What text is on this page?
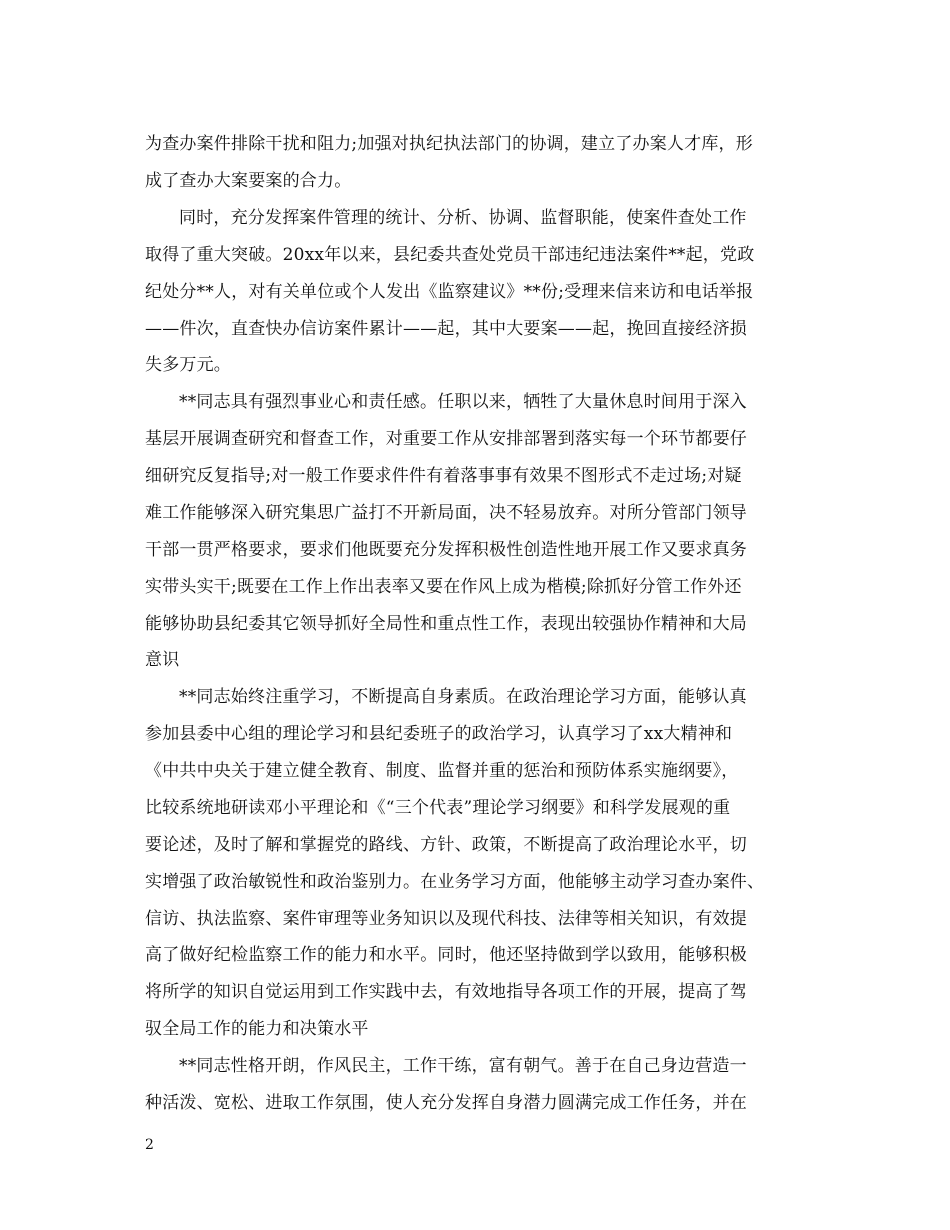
为查办案件排除干扰和阻力;加强对执纪执法部门的协调，建立了办案人才库，形
成了查办大案要案的合力。
同时，充分发挥案件管理的统计、分析、协调、监督职能，使案件查处工作
取得了重大突破。20xx年以来，县纪委共查处党员干部违纪违法案件**起，党政
纪处分**人，对有关单位或个人发出《监察建议》**份;受理来信来访和电话举报
——件次，直查快办信访案件累计——起，其中大要案——起，挽回直接经济损
失多万元。
**同志具有强烈事业心和责任感。任职以来，牺牲了大量休息时间用于深入
基层开展调查研究和督查工作，对重要工作从安排部署到落实每一个环节都要仔
细研究反复指导;对一般工作要求件件有着落事事有效果不图形式不走过场;对疑
难工作能够深入研究集思广益打不开新局面，决不轻易放弃。对所分管部门领导
干部一贯严格要求，要求们他既要充分发挥积极性创造性地开展工作又要求真务
实带头实干;既要在工作上作出表率又要在作风上成为楷模;除抓好分管工作外还
能够协助县纪委其它领导抓好全局性和重点性工作，表现出较强协作精神和大局
意识
**同志始终注重学习，不断提高自身素质。在政治理论学习方面，能够认真
参加县委中心组的理论学习和县纪委班子的政治学习，认真学习了xx大精神和
《中共中央关于建立健全教育、制度、监督并重的惩治和预防体系实施纲要》，
比较系统地研读邓小平理论和《“三个代表”理论学习纲要》和科学发展观的重
要论述，及时了解和掌握党的路线、方针、政策，不断提高了政治理论水平，切
实增强了政治敏锐性和政治鉴别力。在业务学习方面，他能够主动学习查办案件、
信访、执法监察、案件审理等业务知识以及现代科技、法律等相关知识，有效提
高了做好纪检监察工作的能力和水平。同时，他还坚持做到学以致用，能够积极
将所学的知识自觉运用到工作实践中去，有效地指导各项工作的开展，提高了驾
驭全局工作的能力和决策水平
**同志性格开朗，作风民主，工作干练，富有朝气。善于在自己身边营造一
种活泼、宽松、进取工作氛围，使人充分发挥自身潜力圆满完成工作任务，并在
2
